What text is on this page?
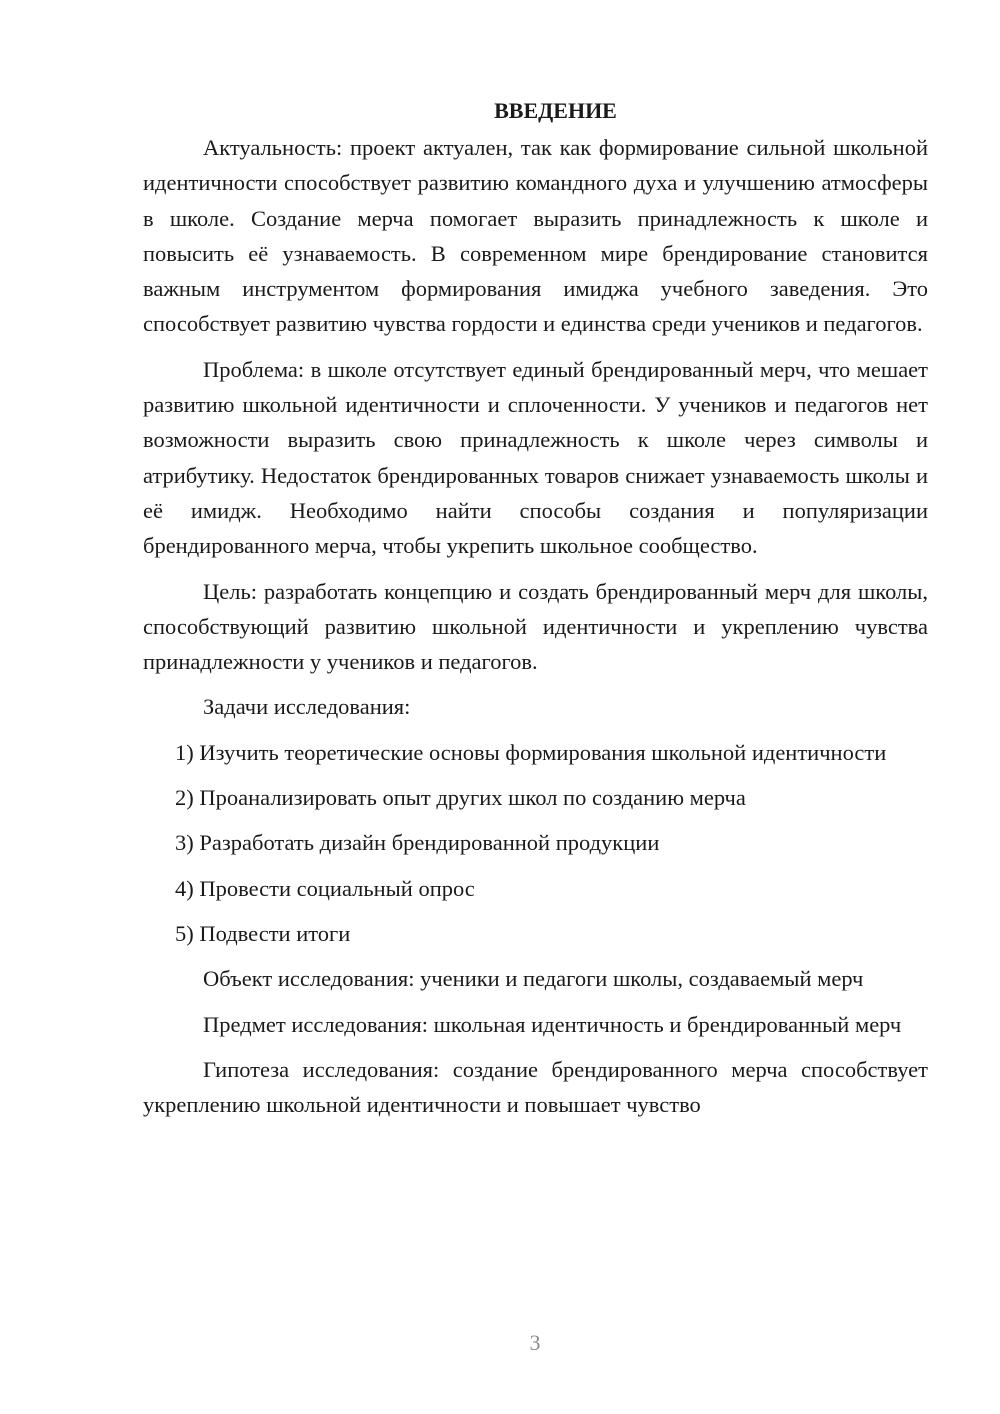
ВВЕДЕНИЕ

Актуальность: проект актуален, так как формирование сильной школьной идентичности способствует развитию командного духа и улучшению атмосферы в школе. Создание мерча помогает выразить принадлежность к школе и повысить её узнаваемость. В современном мире брендирование становится важным инструментом формирования имиджа учебного заведения. Это способствует развитию чувства гордости и единства среди учеников и педагогов.

Проблема: в школе отсутствует единый брендированный мерч, что мешает развитию школьной идентичности и сплоченности. У учеников и педагогов нет возможности выразить свою принадлежность к школе через символы и атрибутику. Недостаток брендированных товаров снижает узнаваемость школы и её имидж. Необходимо найти способы создания и популяризации брендированного мерча, чтобы укрепить школьное сообщество.

Цель: разработать концепцию и создать брендированный мерч для школы, способствующий развитию школьной идентичности и укреплению чувства принадлежности у учеников и педагогов.

Задачи исследования:

1) Изучить теоретические основы формирования школьной идентичности

2) Проанализировать опыт других школ по созданию мерча

3) Разработать дизайн брендированной продукции

4) Провести социальный опрос

5) Подвести итоги

Объект исследования: ученики и педагоги школы, создаваемый мерч

Предмет исследования: школьная идентичность и брендированный мерч

Гипотеза исследования: создание брендированного мерча способствует укреплению школьной идентичности и повышает чувство

3
